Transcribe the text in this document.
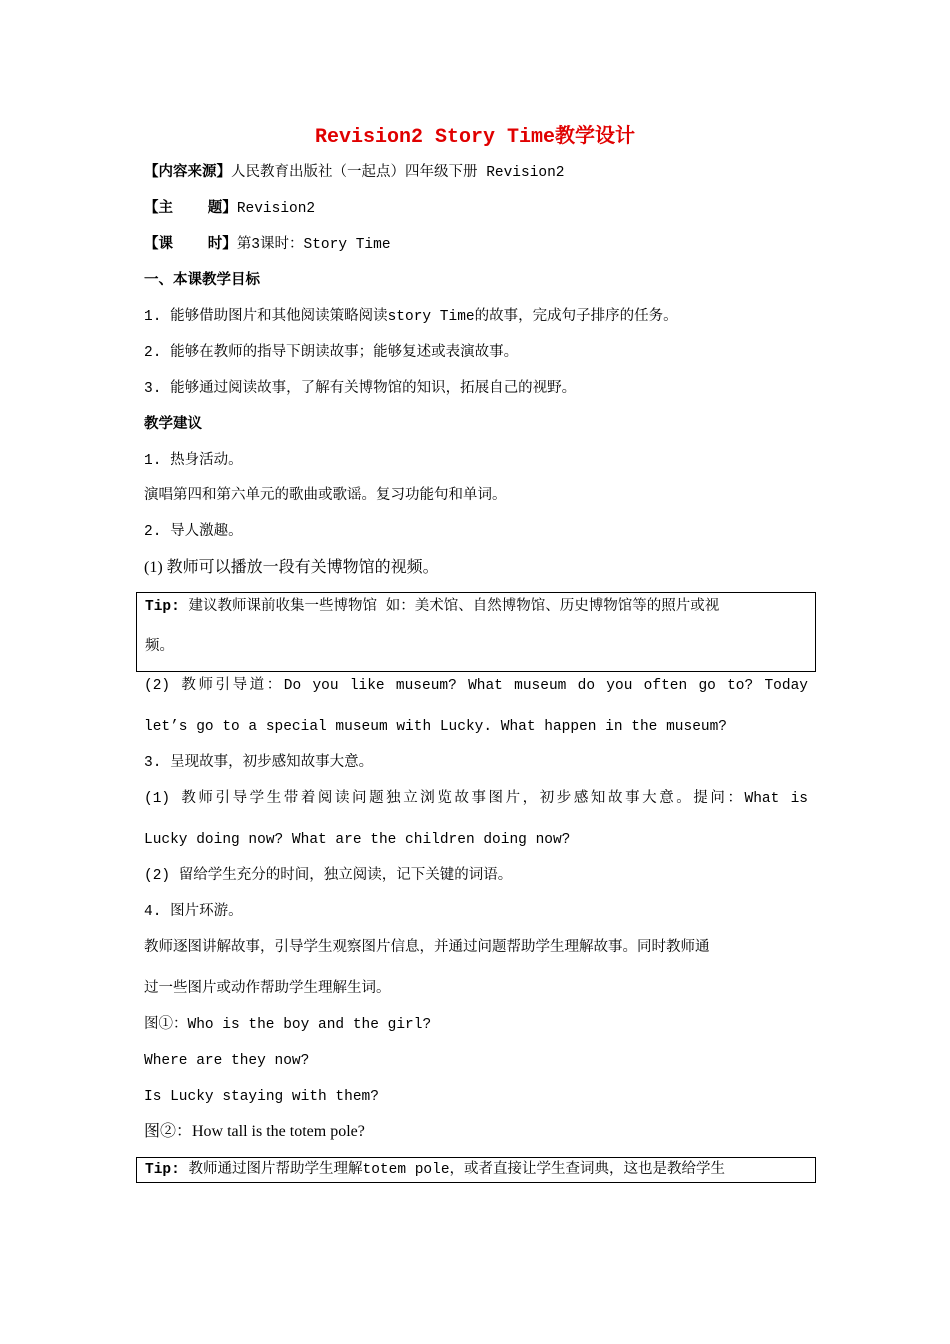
Revision2 Story Time教学设计
【内容来源】人民教育出版社（一起点）四年级下册 Revision2
【主    题】Revision2
【课    时】第3课时：Story Time
一、本课教学目标
1. 能够借助图片和其他阅读策略阅读story Time的故事，完成句子排序的任务。
2. 能够在教师的指导下朗读故事；能够复述或表演故事。
3. 能够通过阅读故事，了解有关博物馆的知识，拓展自己的视野。
教学建议
1. 热身活动。
演唱第四和第六单元的歌曲或歌谣。复习功能句和单词。
2. 导人激趣。
(1) 教师可以播放一段有关博物馆的视频。
Tip: 建议教师课前收集一些博物馆 如：美术馆、自然博物馆、历史博物馆等的照片或视
频。
(2) 教师引导道：Do you like museum? What museum do you often go to? Today
let’s go to a special museum with Lucky. What happen in the museum?
3. 呈现故事，初步感知故事大意。
(1) 教师引导学生带着阅读问题独立浏览故事图片，初步感知故事大意。提问：What is
Lucky doing now? What are the children doing now?
(2) 留给学生充分的时间，独立阅读，记下关键的词语。
4. 图片环游。
教师逐图讲解故事，引导学生观察图片信息，并通过问题帮助学生理解故事。同时教师通
过一些图片或动作帮助学生理解生词。
图①：Who is the boy and the girl?
Where are they now?
Is Lucky staying with them?
图②：How tall is the totem pole?
Tip: 教师通过图片帮助学生理解totem pole，或者直接让学生查词典，这也是教给学生
